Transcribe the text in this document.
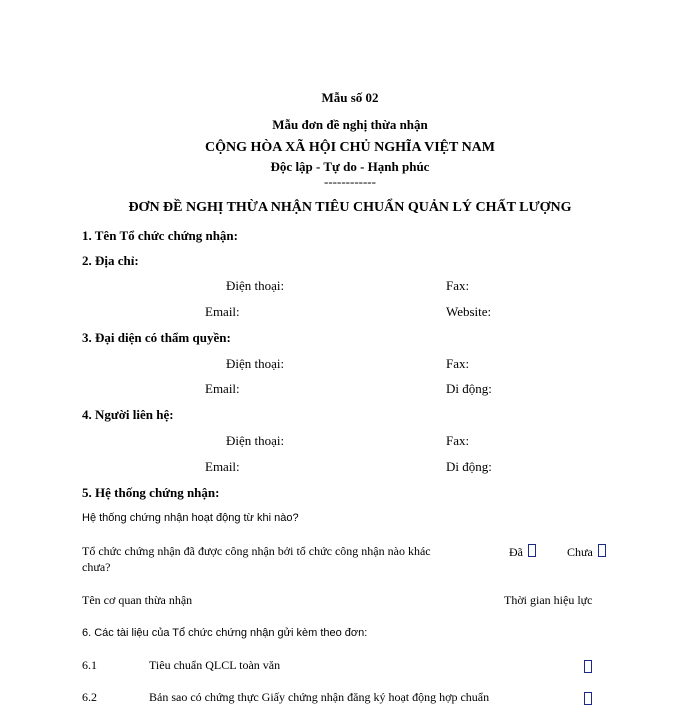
Mẫu số 02
Mẫu đơn đề nghị thừa nhận
CỘNG HÒA XÃ HỘI CHỦ NGHĨA VIỆT NAM
Độc lập - Tự do - Hạnh phúc
------------
ĐƠN ĐỀ NGHỊ THỪA NHẬN TIÊU CHUẨN QUẢN LÝ CHẤT LƯỢNG
1. Tên Tổ chức chứng nhận:
2. Địa chỉ:
Điện thoại:	Fax:
Email:	Website:
3. Đại diện có thẩm quyền:
Điện thoại:	Fax:
Email:	Di động:
4. Người liên hệ:
Điện thoại:	Fax:
Email:	Di động:
5. Hệ thống chứng nhận:
Hệ thống chứng nhận hoạt động từ khi nào?
Tổ chức chứng nhận đã được công nhận bởi tổ chức công nhận nào khác
chưa?
Đã	Chưa
Tên cơ quan thừa nhận	Thời gian hiệu lực
6. Các tài liệu của Tổ chức chứng nhận gửi kèm theo đơn:
6.1	Tiêu chuẩn QLCL toàn văn
6.2	Bản sao có chứng thực Giấy chứng nhận đăng ký hoạt động hợp chuẩn
